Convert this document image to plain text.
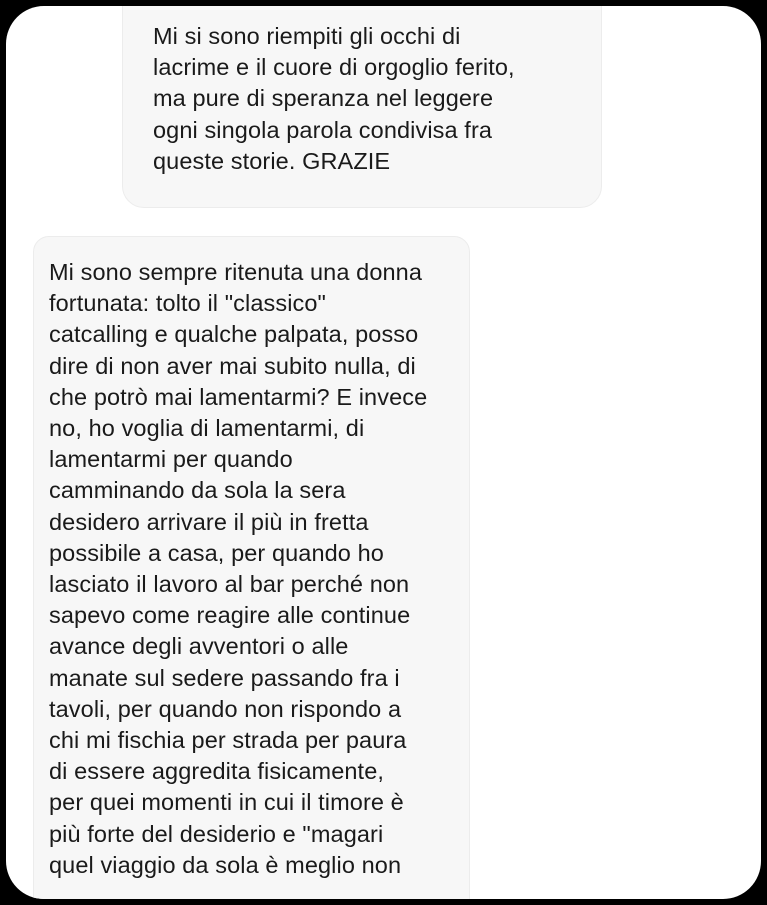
Mi si sono riempiti gli occhi di
lacrime e il cuore di orgoglio ferito,
ma pure di speranza nel leggere
ogni singola parola condivisa fra
queste storie. GRAZIE
Mi sono sempre ritenuta una donna
fortunata: tolto il "classico"
catcalling e qualche palpata, posso
dire di non aver mai subito nulla, di
che potrò mai lamentarmi? E invece
no, ho voglia di lamentarmi, di
lamentarmi per quando
camminando da sola la sera
desidero arrivare il più in fretta
possibile a casa, per quando ho
lasciato il lavoro al bar perché non
sapevo come reagire alle continue
avance degli avventori o alle
manate sul sedere passando fra i
tavoli, per quando non rispondo a
chi mi fischia per strada per paura
di essere aggredita fisicamente,
per quei momenti in cui il timore è
più forte del desiderio e "magari
quel viaggio da sola è meglio non
